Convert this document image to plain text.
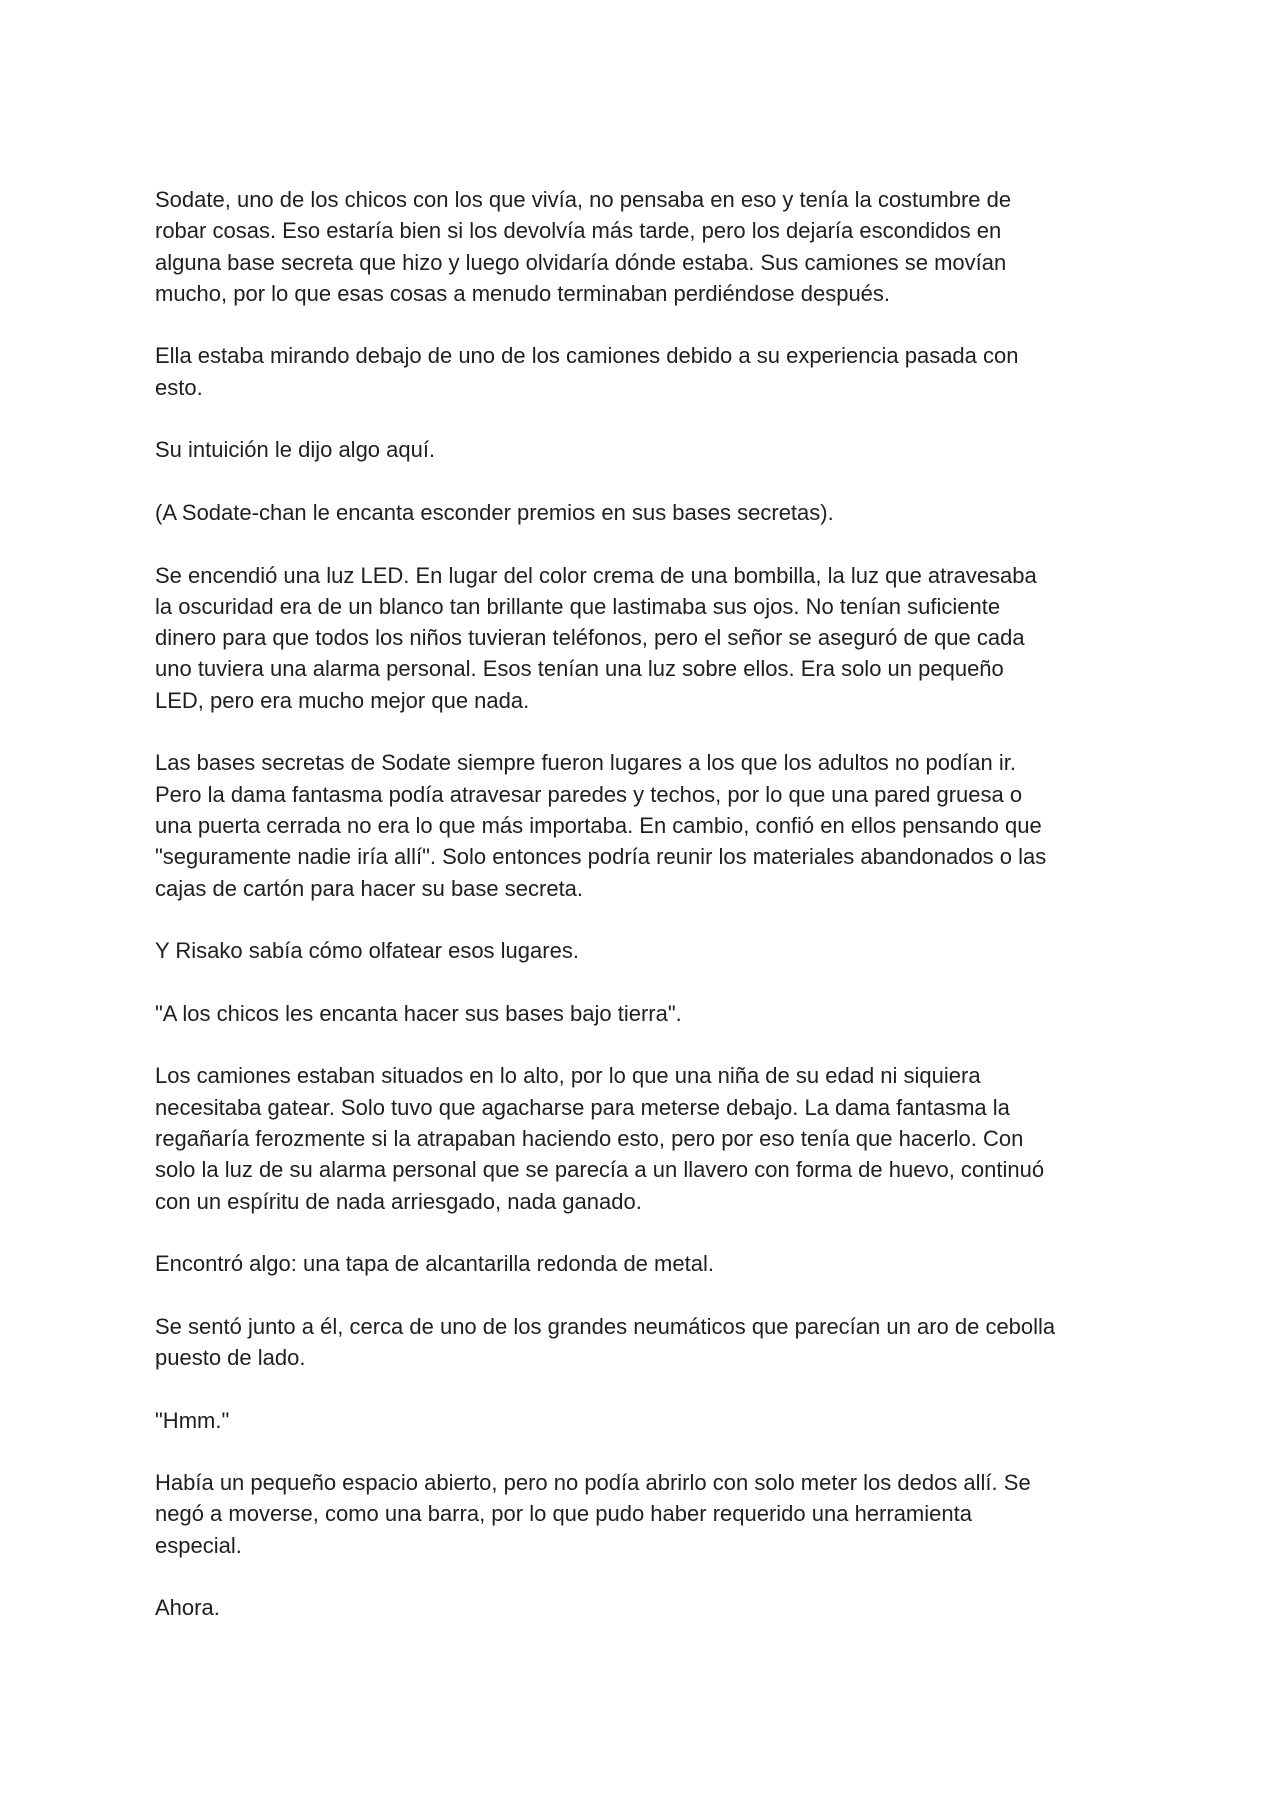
Sodate, uno de los chicos con los que vivía, no pensaba en eso y tenía la costumbre de
robar cosas. Eso estaría bien si los devolvía más tarde, pero los dejaría escondidos en
alguna base secreta que hizo y luego olvidaría dónde estaba. Sus camiones se movían
mucho, por lo que esas cosas a menudo terminaban perdiéndose después.

Ella estaba mirando debajo de uno de los camiones debido a su experiencia pasada con
esto.

Su intuición le dijo algo aquí.

(A Sodate-chan le encanta esconder premios en sus bases secretas).

Se encendió una luz LED. En lugar del color crema de una bombilla, la luz que atravesaba
la oscuridad era de un blanco tan brillante que lastimaba sus ojos. No tenían suficiente
dinero para que todos los niños tuvieran teléfonos, pero el señor se aseguró de que cada
uno tuviera una alarma personal. Esos tenían una luz sobre ellos. Era solo un pequeño
LED, pero era mucho mejor que nada.

Las bases secretas de Sodate siempre fueron lugares a los que los adultos no podían ir.
Pero la dama fantasma podía atravesar paredes y techos, por lo que una pared gruesa o
una puerta cerrada no era lo que más importaba. En cambio, confió en ellos pensando que
"seguramente nadie iría allí". Solo entonces podría reunir los materiales abandonados o las
cajas de cartón para hacer su base secreta.

Y Risako sabía cómo olfatear esos lugares.

"A los chicos les encanta hacer sus bases bajo tierra".

Los camiones estaban situados en lo alto, por lo que una niña de su edad ni siquiera
necesitaba gatear. Solo tuvo que agacharse para meterse debajo. La dama fantasma la
regañaría ferozmente si la atrapaban haciendo esto, pero por eso tenía que hacerlo. Con
solo la luz de su alarma personal que se parecía a un llavero con forma de huevo, continuó
con un espíritu de nada arriesgado, nada ganado.

Encontró algo: una tapa de alcantarilla redonda de metal.

Se sentó junto a él, cerca de uno de los grandes neumáticos que parecían un aro de cebolla
puesto de lado.

"Hmm."

Había un pequeño espacio abierto, pero no podía abrirlo con solo meter los dedos allí. Se
negó a moverse, como una barra, por lo que pudo haber requerido una herramienta
especial.

Ahora.
